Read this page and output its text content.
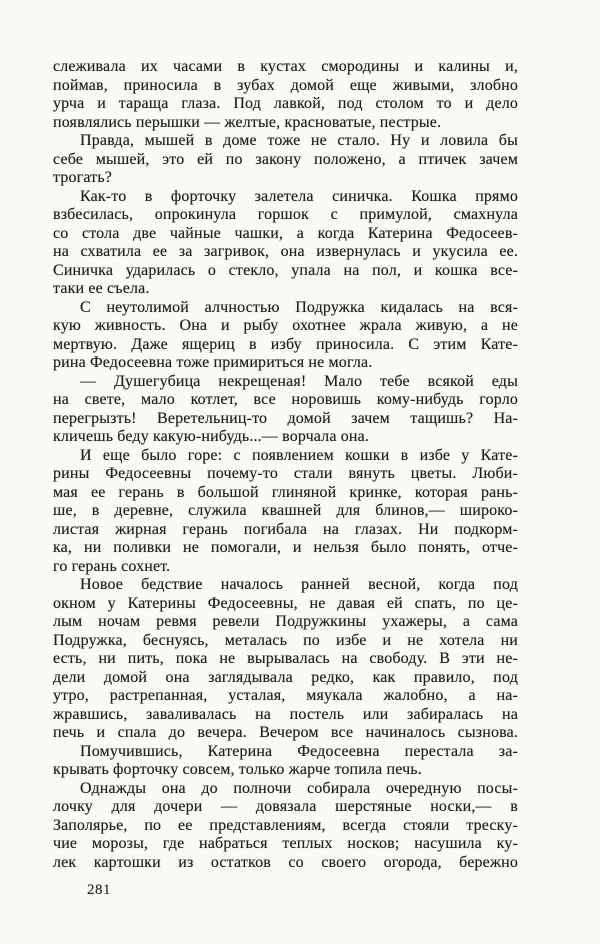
слеживала их часами в кустах смородины и калины и,
поймав, приносила в зубах домой еще живыми, злобно
урча и тараща глаза. Под лавкой, под столом то и дело
появлялись перышки — желтые, красноватые, пестрые.
Правда, мышей в доме тоже не стало. Ну и ловила бы
себе мышей, это ей по закону положено, а птичек зачем
трогать?
Как-то в форточку залетела синичка. Кошка прямо
взбесилась, опрокинула горшок с примулой, смахнула
со стола две чайные чашки, а когда Катерина Федосеев-
на схватила ее за загривок, она извернулась и укусила ее.
Синичка ударилась о стекло, упала на пол, и кошка все-
таки ее съела.
С неутолимой алчностью Подружка кидалась на вся-
кую живность. Она и рыбу охотнее жрала живую, а не
мертвую. Даже ящериц в избу приносила. С этим Кате-
рина Федосеевна тоже примириться не могла.
— Душегубица некрещеная! Мало тебе всякой еды
на свете, мало котлет, все норовишь кому-нибудь горло
перегрызть! Веретельниц-то домой зачем тащишь? На-
кличешь беду какую-нибудь...— ворчала она.
И еще было горе: с появлением кошки в избе у Кате-
рины Федосеевны почему-то стали вянуть цветы. Люби-
мая ее герань в большой глиняной кринке, которая рань-
ше, в деревне, служила квашней для блинов,— широко-
листая жирная герань погибала на глазах. Ни подкорм-
ка, ни поливки не помогали, и нельзя было понять, отче-
го герань сохнет.
Новое бедствие началось ранней весной, когда под
окном у Катерины Федосеевны, не давая ей спать, по це-
лым ночам ревмя ревели Подружкины ухажеры, а сама
Подружка, беснуясь, металась по избе и не хотела ни
есть, ни пить, пока не вырывалась на свободу. В эти не-
дели домой она заглядывала редко, как правило, под
утро, растрепанная, усталая, мяукала жалобно, а на-
жравшись, заваливалась на постель или забиралась на
печь и спала до вечера. Вечером все начиналось сызнова.
Помучившись, Катерина Федосеевна перестала за-
крывать форточку совсем, только жарче топила печь.
Однажды она до полночи собирала очередную посы-
лочку для дочери — довязала шерстяные носки,— в
Заполярье, по ее представлениям, всегда стояли треску-
чие морозы, где набраться теплых носков; насушила ку-
лек картошки из остатков со своего огорода, бережно
281
